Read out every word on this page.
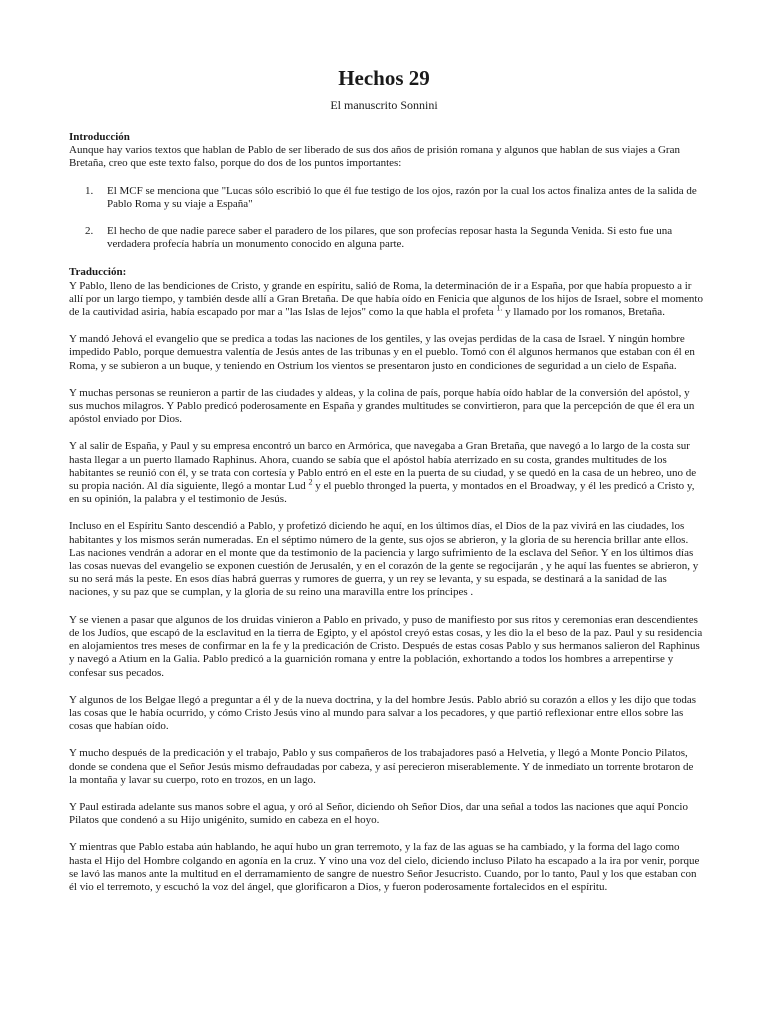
Hechos 29
El manuscrito Sonnini

Introducción

Aunque hay varios textos que hablan de Pablo de ser liberado de sus dos años de prisión romana y algunos que hablan de sus viajes a Gran Bretaña, creo que este texto falso, porque do dos de los puntos importantes:

1. El MCF se menciona que "Lucas sólo escribió lo que él fue testigo de los ojos, razón por la cual los actos finaliza antes de la salida de Pablo Roma y su viaje a España"
2. El hecho de que nadie parece saber el paradero de los pilares, que son profecías reposar hasta la Segunda Venida. Si esto fue una verdadera profecía habría un monumento conocido en alguna parte.

Traducción:

Y Pablo, lleno de las bendiciones de Cristo, y grande en espíritu, salió de Roma, la determinación de ir a España, por que había propuesto a ir allí por un largo tiempo, y también desde allí a Gran Bretaña. De que había oído en Fenicia que algunos de los hijos de Israel, sobre el momento de la cautividad asiria, había escapado por mar a "las Islas de lejos" como la que habla el profeta $^{1.}$ y llamado por los romanos, Bretaña.

Y mandó Jehová el evangelio que se predica a todas las naciones de los gentiles, y las ovejas perdidas de la casa de Israel. Y ningún hombre impedido Pablo, porque demuestra valentía de Jesús antes de las tribunas y en el pueblo. Tomó con él algunos hermanos que estaban con él en Roma, y se subieron a un buque, y teniendo en Ostrium los vientos se presentaron justo en condiciones de seguridad a un cielo de España.

Y muchas personas se reunieron a partir de las ciudades y aldeas, y la colina de país, porque había oído hablar de la conversión del apóstol, y sus muchos milagros. Y Pablo predicó poderosamente en España y grandes multitudes se convirtieron, para que la percepción de que él era un apóstol enviado por Dios.

Y al salir de España, y Paul y su empresa encontró un barco en Armórica, que navegaba a Gran Bretaña, que navegó a lo largo de la costa sur hasta llegar a un puerto llamado Raphinus. Ahora, cuando se sabía que el apóstol había aterrizado en su costa, grandes multitudes de los habitantes se reunió con él, y se trata con cortesía y Pablo entró en el este en la puerta de su ciudad, y se quedó en la casa de un hebreo, uno de su propia nación. Al día siguiente, llegó a montar Lud $^2$ y el pueblo thronged la puerta, y montados en el Broadway, y él les predicó a Cristo y, en su opinión, la palabra y el testimonio de Jesús.

Incluso en el Espíritu Santo descendió a Pablo, y profetizó diciendo he aquí, en los últimos días, el Dios de la paz vivirá en las ciudades, los habitantes y los mismos serán numeradas. En el séptimo número de la gente, sus ojos se abrieron, y la gloria de su herencia brillar ante ellos. Las naciones vendrán a adorar en el monte que da testimonio de la paciencia y largo sufrimiento de la esclava del Señor. Y en los últimos días las cosas nuevas del evangelio se exponen cuestión de Jerusalén, y en el corazón de la gente se regocijarán , y he aquí las fuentes se abrieron, y su no será más la peste. En esos días habrá guerras y rumores de guerra, y un rey se levanta, y su espada, se destinará a la sanidad de las naciones, y su paz que se cumplan, y la gloria de su reino una maravilla entre los príncipes .

Y se vienen a pasar que algunos de los druidas vinieron a Pablo en privado, y puso de manifiesto por sus ritos y ceremonias eran descendientes de los Judíos, que escapó de la esclavitud en la tierra de Egipto, y el apóstol creyó estas cosas, y les dio la el beso de la paz. Paul y su residencia en alojamientos tres meses de confirmar en la fe y la predicación de Cristo. Después de estas cosas Pablo y sus hermanos salieron del Raphinus y navegó a Atium en la Galia. Pablo predicó a la guarnición romana y entre la población, exhortando a todos los hombres a arrepentirse y confesar sus pecados.

Y algunos de los Belgae llegó a preguntar a él y de la nueva doctrina, y la del hombre Jesús. Pablo abrió su corazón a ellos y les dijo que todas las cosas que le había ocurrido, y cómo Cristo Jesús vino al mundo para salvar a los pecadores, y que partió reflexionar entre ellos sobre las cosas que habían oído.

Y mucho después de la predicación y el trabajo, Pablo y sus compañeros de los trabajadores pasó a Helvetia, y llegó a Monte Poncio Pilatos, donde se condena que el Señor Jesús mismo defraudadas por cabeza, y así perecieron miserablemente. Y de inmediato un torrente brotaron de la montaña y lavar su cuerpo, roto en trozos, en un lago.

Y Paul estirada adelante sus manos sobre el agua, y oró al Señor, diciendo oh Señor Dios, dar una señal a todos las naciones que aquí Poncio Pilatos que condenó a su Hijo unigénito, sumido en cabeza en el hoyo.

Y mientras que Pablo estaba aún hablando, he aquí hubo un gran terremoto, y la faz de las aguas se ha cambiado, y la forma del lago como hasta el Hijo del Hombre colgando en agonía en la cruz. Y vino una voz del cielo, diciendo incluso Pilato ha escapado a la ira por venir, porque se lavó las manos ante la multitud en el derramamiento de sangre de nuestro Señor Jesucristo. Cuando, por lo tanto, Paul y los que estaban con él vio el terremoto, y escuchó la voz del ángel, que glorificaron a Dios, y fueron poderosamente fortalecidos en el espíritu.
